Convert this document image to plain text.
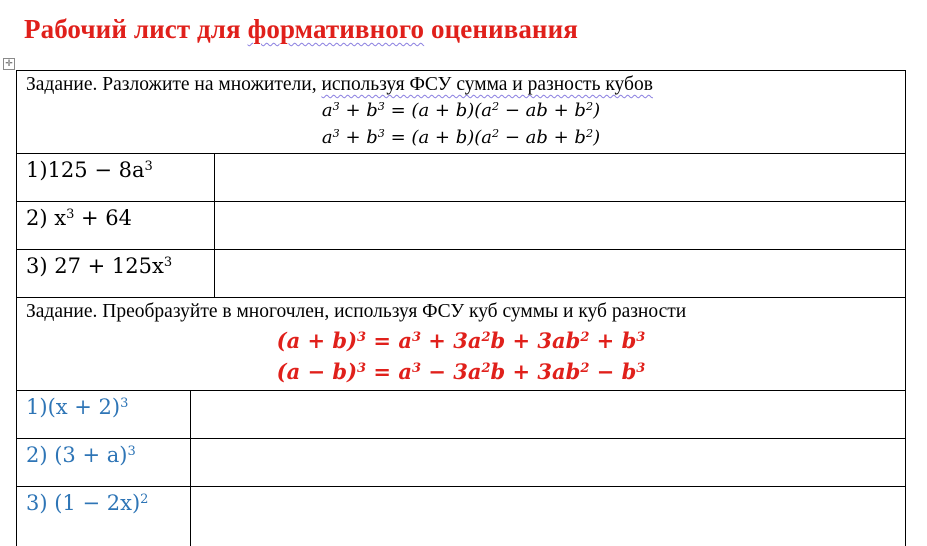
Рабочий лист для формативного оценивания
✛
Задание. Разложите на множители, используя ФСУ сумма и разность кубов
$a^3 + b^3 = (a + b)(a^2$ − ab + $b^2$)
$a^3 + b^3 = (a + b)(a^2$ − ab + $b^2$)
$1)125 - 8a^3$
2) $x^3 + 64$
3) $27 + 125x^3$
Задание. Преобразуйте в многочлен, используя ФСУ куб суммы и куб разности
$(a + b)^3 = a^3 + 3a^2b + 3ab^2 + b^3$
$(a - b)^3 = a^3 - 3a^2b + 3ab^2 - b^3$
$1)(x + 2)^3$
2) $(3 + a)^3$
3) $(1 - 2x)^2$
